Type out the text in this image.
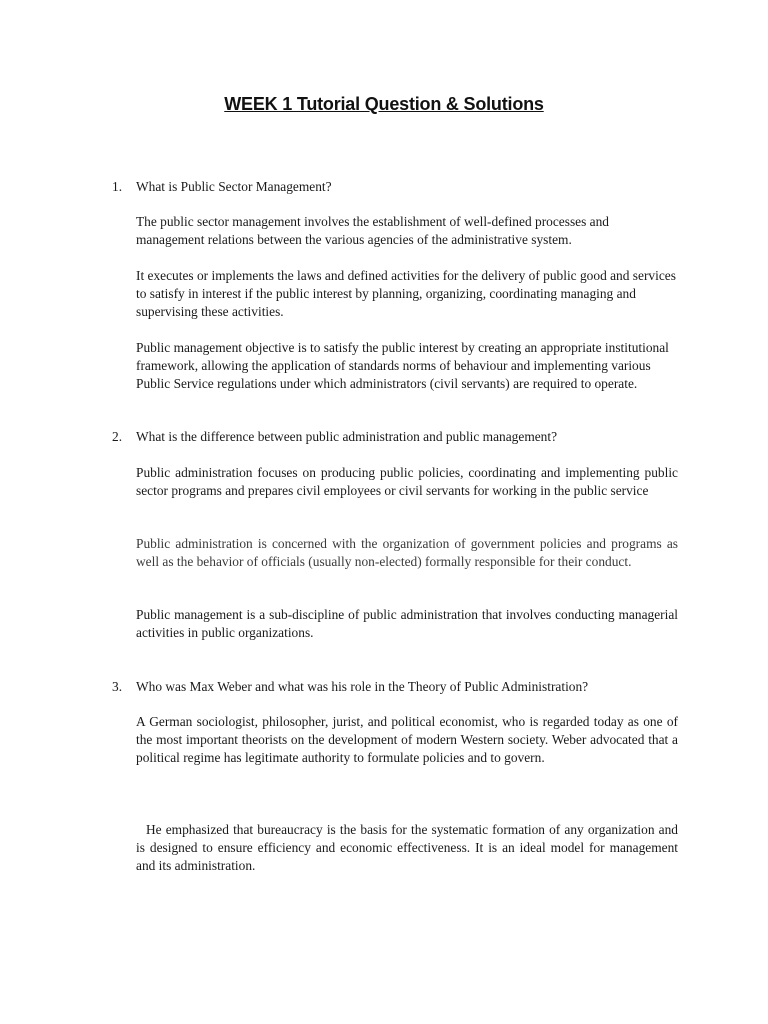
WEEK 1 Tutorial Question & Solutions
1.	What is Public Sector Management?

The public sector management involves the establishment of well-defined processes and management relations between the various agencies of the administrative system.

It executes or implements the laws and defined activities for the delivery of public good and services to satisfy in interest if the public interest by planning, organizing, coordinating managing and supervising these activities.

Public management objective is to satisfy the public interest by creating an appropriate institutional framework, allowing the application of standards norms of behaviour and implementing various Public Service regulations under which administrators (civil servants) are required to operate.

2.	What is the difference between public administration and public management?

Public administration focuses on producing public policies, coordinating and implementing public sector programs and prepares civil employees or civil servants for working in the public service

Public administration is concerned with the organization of government policies and programs as well as the behavior of officials (usually non-elected) formally responsible for their conduct.

Public management is a sub-discipline of public administration that involves conducting managerial activities in public organizations.

3.	Who was Max Weber and what was his role in the Theory of Public Administration?

A German sociologist, philosopher, jurist, and political economist, who is regarded today as one of the most important theorists on the development of modern Western society. Weber advocated that a political regime has legitimate authority to formulate policies and to govern.

He emphasized that bureaucracy is the basis for the systematic formation of any organization and is designed to ensure efficiency and economic effectiveness. It is an ideal model for management and its administration.
